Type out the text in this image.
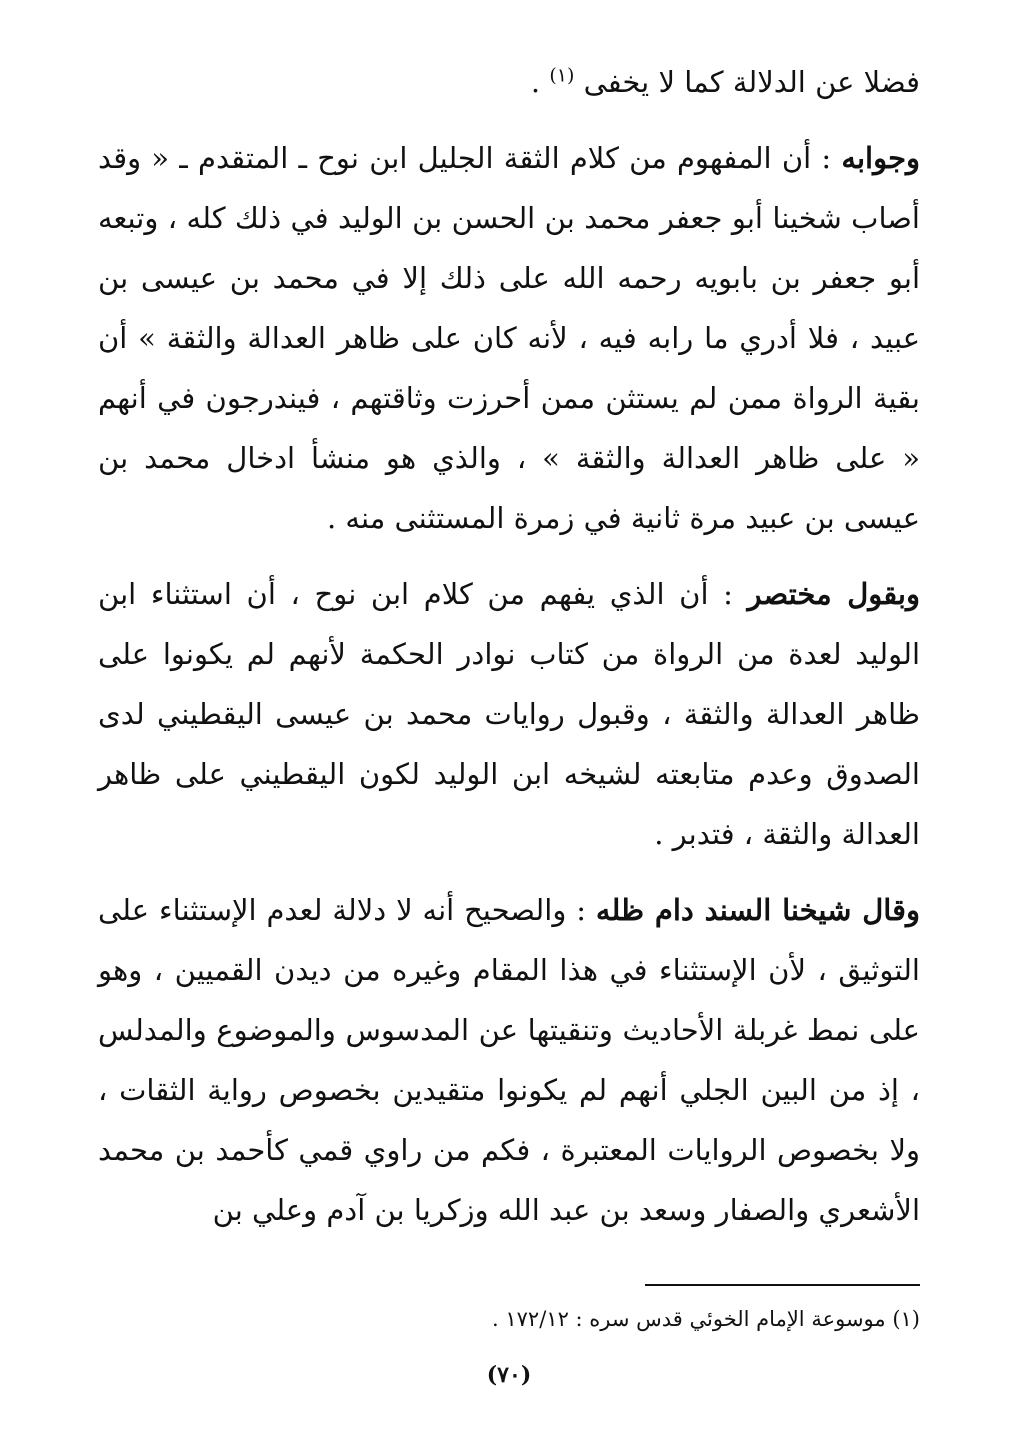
فضلا عن الدلالة كما لا يخفى $^{(١)}$ .

وجوابه : أن المفهوم من كلام الثقة الجليل ابن نوح ـ المتقدم ـ « وقد أصاب شخينا أبو جعفر محمد بن الحسن بن الوليد في ذلك كله ، وتبعه أبو جعفر بن بابويه رحمه الله على ذلك إلا في محمد بن عيسى بن عبيد ، فلا أدري ما رابه فيه ، لأنه كان على ظاهر العدالة والثقة » أن بقية الرواة ممن لم يستثن ممن أحرزت وثاقتهم ، فيندرجون في أنهم « على ظاهر العدالة والثقة » ، والذي هو منشأ ادخال محمد بن عيسى بن عبيد مرة ثانية في زمرة المستثنى منه .

وبقول مختصر : أن الذي يفهم من كلام ابن نوح ، أن استثناء ابن الوليد لعدة من الرواة من كتاب نوادر الحكمة لأنهم لم يكونوا على ظاهر العدالة والثقة ، وقبول روايات محمد بن عيسى اليقطيني لدى الصدوق وعدم متابعته لشيخه ابن الوليد لكون اليقطيني على ظاهر العدالة والثقة ، فتدبر .

وقال شيخنا السند دام ظله : والصحيح أنه لا دلالة لعدم الإستثناء على التوثيق ، لأن الإستثناء في هذا المقام وغيره من ديدن القميين ، وهو على نمط غربلة الأحاديث وتنقيتها عن المدسوس والموضوع والمدلس ، إذ من البين الجلي أنهم لم يكونوا متقيدين بخصوص رواية الثقات ، ولا بخصوص الروايات المعتبرة ، فكم من راوي قمي كأحمد بن محمد الأشعري والصفار وسعد بن عبد الله وزكريا بن آدم وعلي بن

(١) موسوعة الإمام الخوئي قدس سره : ١٧٢/١٢ .
(٧٠)
